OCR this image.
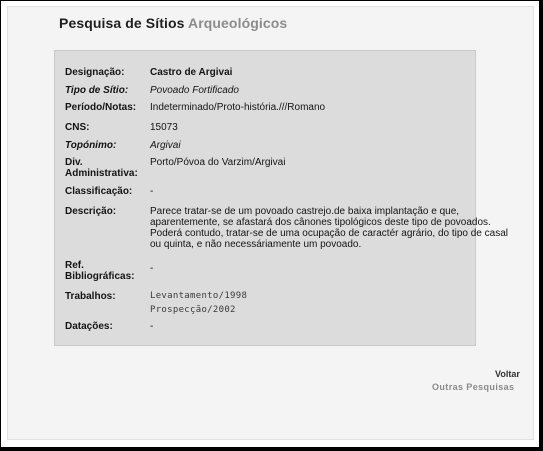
Pesquisa de Sítios Arqueológicos
Designação:	Castro de Argivai
Tipo de Sítio: Povoado Fortificado
Período/Notas: Indeterminado/Proto-história.///Romano
CNS:	15073
Topónimo:	Argivai
Div.
Administrativa:
Porto/Póvoa do Varzim/Argivai
Classificação: -
Descrição:	Parece tratar-se de um povoado castrejo.de baixa implantação e que,
aparentemente, se afastará dos cânones tipológicos deste tipo de povoados.
Poderá contudo, tratar-se de uma ocupação de caractér agrário, do tipo de casal
ou quinta, e não necessáriamente um povoado.
Ref.
Bibliográficas:
-
Trabalhos:	Levantamento/1998
Prospecção/2002
Datações:	-
Voltar
Outras Pesquisas
